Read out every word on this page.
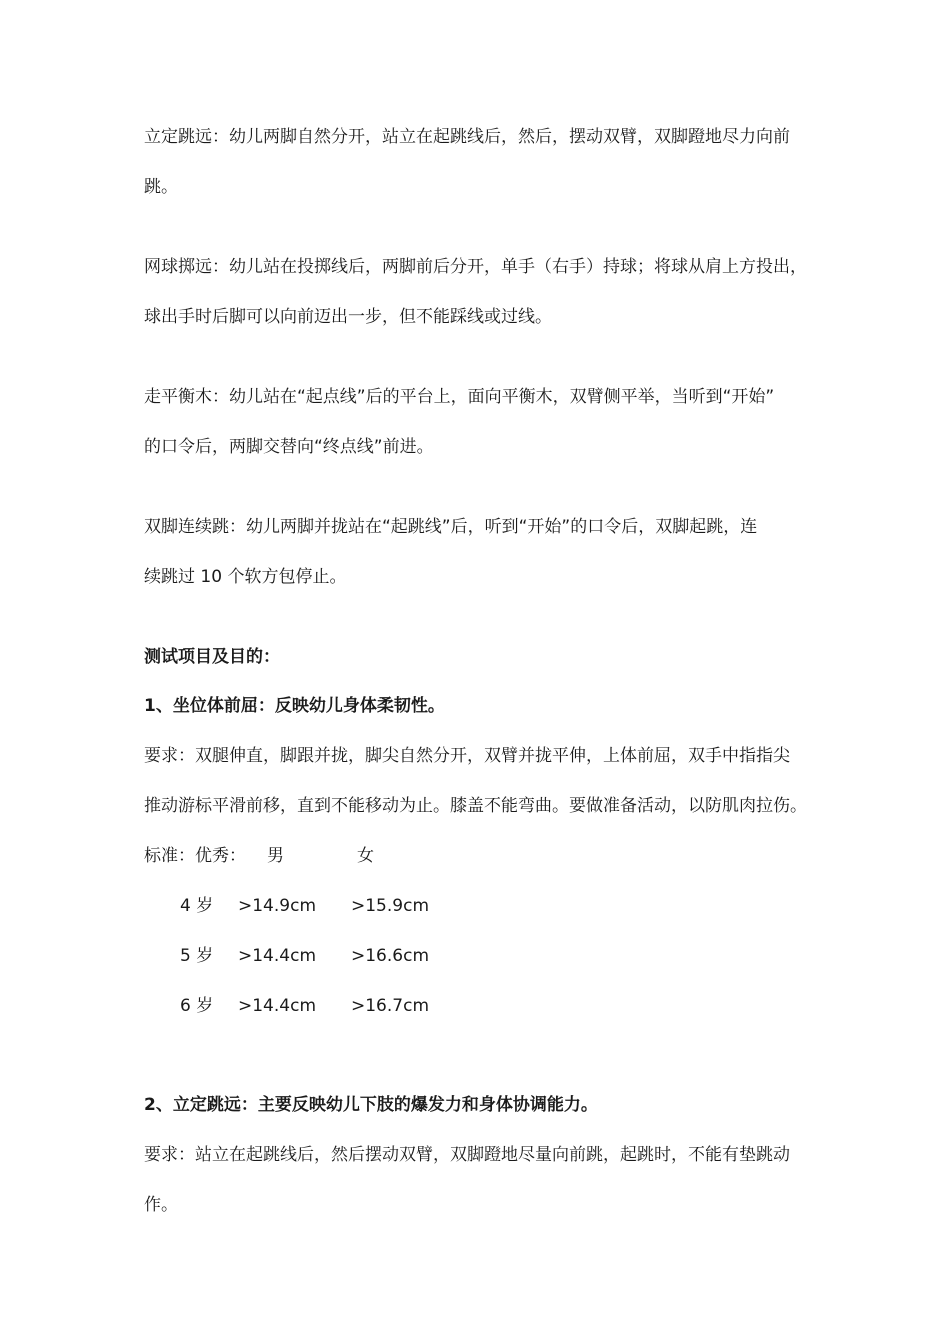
立定跳远：幼儿两脚自然分开，站立在起跳线后，然后，摆动双臂，双脚蹬地尽力向前
跳。
网球掷远：幼儿站在投掷线后，两脚前后分开，单手（右手）持球；将球从肩上方投出，
球出手时后脚可以向前迈出一步，但不能踩线或过线。
走平衡木：幼儿站在“起点线”后的平台上，面向平衡木，双臂侧平举，当听到“开始”
的口令后，两脚交替向“终点线”前进。
双脚连续跳：幼儿两脚并拢站在“起跳线”后，听到“开始”的口令后，双脚起跳，连
续跳过 10 个软方包停止。
测试项目及目的：
1、坐位体前屈：反映幼儿身体柔韧性。
要求：双腿伸直，脚跟并拢，脚尖自然分开，双臂并拢平伸，上体前屈，双手中指指尖
推动游标平滑前移，直到不能移动为止。膝盖不能弯曲。要做准备活动，以防肌肉拉伤。
标准：优秀： 男	女
4 岁 >14.9cm >15.9cm
5 岁 >14.4cm >16.6cm
6 岁 >14.4cm >16.7cm
2、立定跳远：主要反映幼儿下肢的爆发力和身体协调能力。
要求：站立在起跳线后，然后摆动双臂，双脚蹬地尽量向前跳，起跳时，不能有垫跳动
作。
